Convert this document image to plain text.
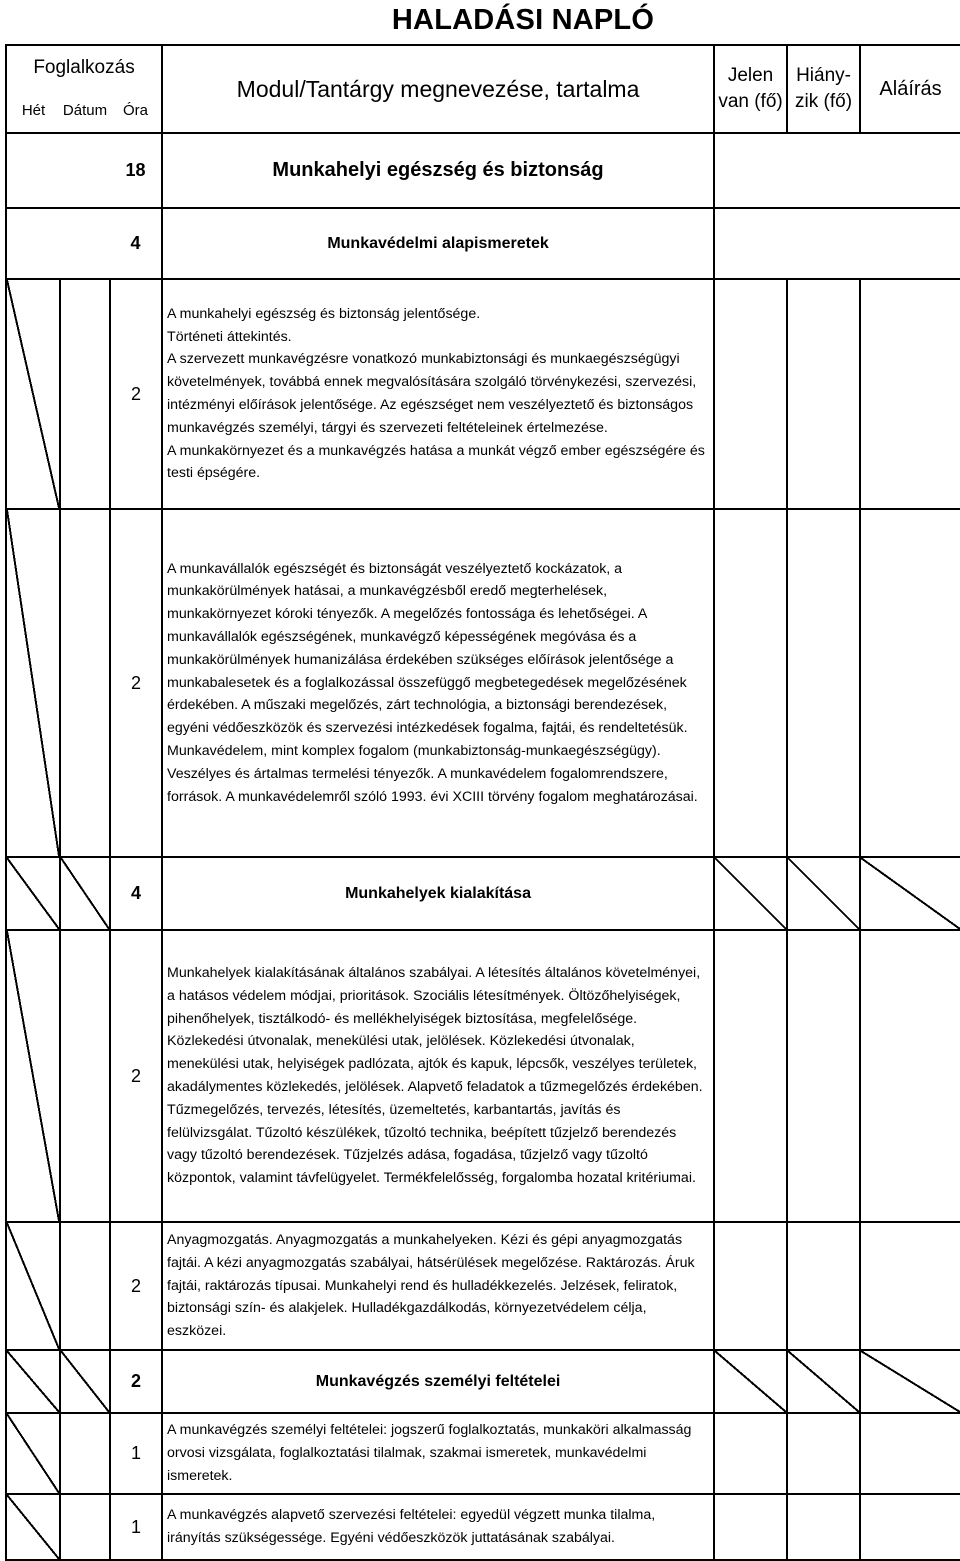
HALADÁSI NAPLÓ
Foglalkozás			Modul/Tantárgy megnevezése, tartalma	Jelen van (fő)	Hiány-zik (fő)	Aláírás
Hét	Dátum	Óra				
		18	Munkahelyi egészség és biztonság			
		4	Munkavédelmi alapismeretek			
		2	A munkahelyi egészség és biztonság jelentősége.
Történeti áttekintés.
A szervezett munkavégzésre vonatkozó munkabiztonsági és munkaegészségügyi követelmények, továbbá ennek megvalósítására szolgáló törvénykezési, szervezési, intézményi előírások jelentősége. Az egészséget nem veszélyeztető és biztonságos munkavégzés személyi, tárgyi és szervezeti feltételeinek értelmezése.
A munkakörnyezet és a munkavégzés hatása a munkát végző ember egészségére és testi épségére.			
		2	A munkavállalók egészségét és biztonságát veszélyeztető kockázatok, a munkakörülmények hatásai, a munkavégzésből eredő megterhelések, munkakörnyezet kóroki tényezők. A megelőzés fontossága és lehetőségei. A munkavállalók egészségének, munkavégző képességének megóvása és a munkakörülmények humanizálása érdekében szükséges előírások jelentősége a munkabalesetek és a foglalkozással összefüggő megbetegedések megelőzésének érdekében. A műszaki megelőzés, zárt technológia, a biztonsági berendezések, egyéni védőeszközök és szervezési intézkedések fogalma, fajtái, és rendeltetésük. Munkavédelem, mint komplex fogalom (munkabiztonság-munkaegészségügy). Veszélyes és ártalmas termelési tényezők. A munkavédelem fogalomrendszere, források. A munkavédelemről szóló 1993. évi XCIII törvény fogalom meghatározásai.			
		4	Munkahelyek kialakítása			
		2	Munkahelyek kialakításának általános szabályai. A létesítés általános követelményei, a hatásos védelem módjai, prioritások. Szociális létesítmények. Öltözőhelyiségek, pihenőhelyek, tisztálkodó- és mellékhelyiségek biztosítása, megfelelősége. Közlekedési útvonalak, menekülési utak, jelölések. Közlekedési útvonalak, menekülési utak, helyiségek padlózata, ajtók és kapuk, lépcsők, veszélyes területek, akadálymentes közlekedés, jelölések. Alapvető feladatok a tűzmegelőzés érdekében. Tűzmegelőzés, tervezés, létesítés, üzemeltetés, karbantartás, javítás és felülvizsgálat. Tűzoltó készülékek, tűzoltó technika, beépített tűzjelző berendezés vagy tűzoltó berendezések. Tűzjelzés adása, fogadása, tűzjelző vagy tűzoltó központok, valamint távfelügyelet. Termékfelelősség, forgalomba hozatal kritériumai.			
		2	Anyagmozgatás. Anyagmozgatás a munkahelyeken. Kézi és gépi anyagmozgatás fajtái. A kézi anyagmozgatás szabályai, hátsérülések megelőzése. Raktározás. Áruk fajtái, raktározás típusai. Munkahelyi rend és hulladékkezelés. Jelzések, feliratok, biztonsági szín- és alakjelek. Hulladékgazdálkodás, környezetvédelem célja, eszközei.			
		2	Munkavégzés személyi feltételei			
		1	A munkavégzés személyi feltételei: jogszerű foglalkoztatás, munkaköri alkalmasság orvosi vizsgálata, foglalkoztatási tilalmak, szakmai ismeretek, munkavédelmi ismeretek.			
		1	A munkavégzés alapvető szervezési feltételei: egyedül végzett munka tilalma, irányítás szükségessége. Egyéni védőeszközök juttatásának szabályai.			
